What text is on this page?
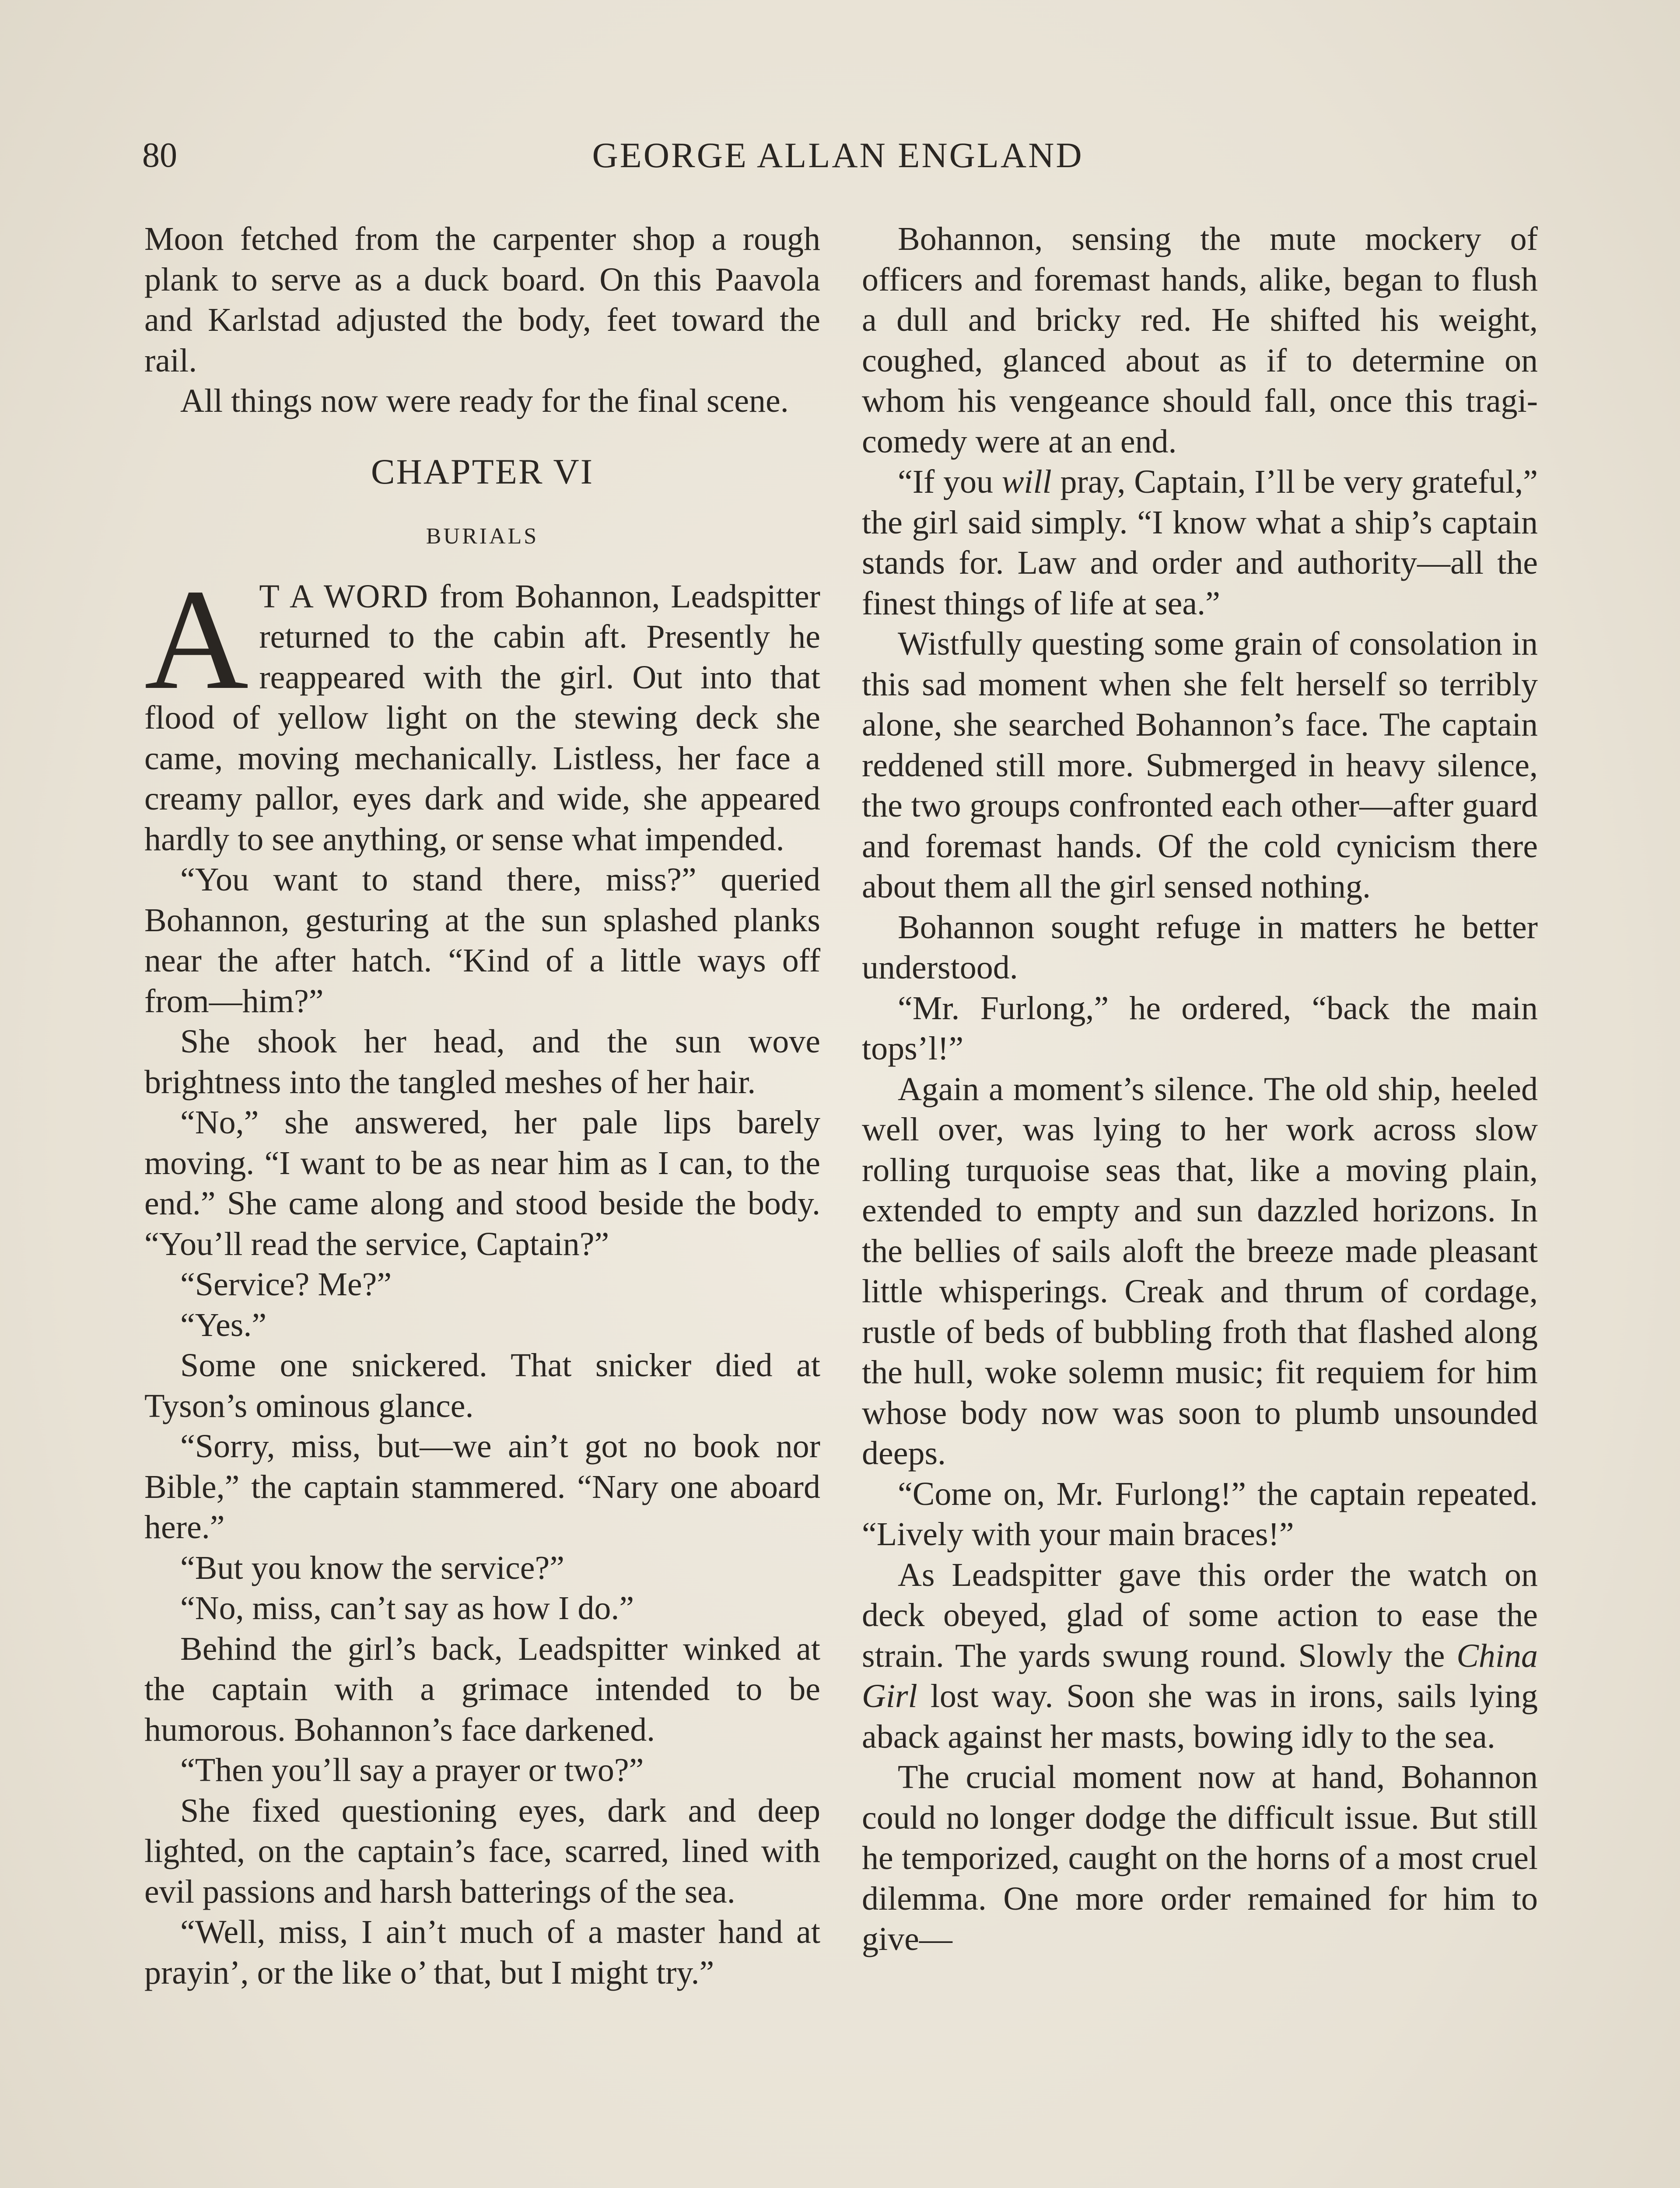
80	GEORGE ALLAN ENGLAND

Moon fetched from the carpenter shop a rough plank to serve as a duck board. On this Paavola and Karlstad adjusted the body, feet toward the rail.

All things now were ready for the final scene.

CHAPTER VI
BURIALS

A T A WORD from Bohannon, Leadspitter returned to the cabin aft. Presently he reappeared with the girl. Out into that flood of yellow light on the stewing deck she came, moving mechanically. Listless, her face a creamy pallor, eyes dark and wide, she appeared hardly to see anything, or sense what impended.

“You want to stand there, miss?” queried Bohannon, gesturing at the sun splashed planks near the after hatch. “Kind of a little ways off from—him?”

She shook her head, and the sun wove brightness into the tangled meshes of her hair.

“No,” she answered, her pale lips barely moving. “I want to be as near him as I can, to the end.” She came along and stood beside the body. “You’ll read the service, Captain?”

“Service? Me?”

“Yes.”

Some one snickered. That snicker died at Tyson’s ominous glance.

“Sorry, miss, but—we ain’t got no book nor Bible,” the captain stammered. “Nary one aboard here.”

“But you know the service?”

“No, miss, can’t say as how I do.”

Behind the girl’s back, Leadspitter winked at the captain with a grimace intended to be humorous. Bohannon’s face darkened.

“Then you’ll say a prayer or two?”

She fixed questioning eyes, dark and deep lighted, on the captain’s face, scarred, lined with evil passions and harsh batterings of the sea.

“Well, miss, I ain’t much of a master hand at prayin’, or the like o’ that, but I might try.”

Bohannon, sensing the mute mockery of officers and foremast hands, alike, began to flush a dull and bricky red. He shifted his weight, coughed, glanced about as if to determine on whom his vengeance should fall, once this tragi-comedy were at an end.

“If you will pray, Captain, I’ll be very grateful,” the girl said simply. “I know what a ship’s captain stands for. Law and order and authority—all the finest things of life at sea.”

Wistfully questing some grain of consolation in this sad moment when she felt herself so terribly alone, she searched Bohannon’s face. The captain reddened still more. Submerged in heavy silence, the two groups confronted each other—after guard and foremast hands. Of the cold cynicism there about them all the girl sensed nothing.

Bohannon sought refuge in matters he better understood.

“Mr. Furlong,” he ordered, “back the main tops’l!”

Again a moment’s silence. The old ship, heeled well over, was lying to her work across slow rolling turquoise seas that, like a moving plain, extended to empty and sun dazzled horizons. In the bellies of sails aloft the breeze made pleasant little whisperings. Creak and thrum of cordage, rustle of beds of bubbling froth that flashed along the hull, woke solemn music; fit requiem for him whose body now was soon to plumb unsounded deeps.

“Come on, Mr. Furlong!” the captain repeated. “Lively with your main braces!”

As Leadspitter gave this order the watch on deck obeyed, glad of some action to ease the strain. The yards swung round. Slowly the China Girl lost way. Soon she was in irons, sails lying aback against her masts, bowing idly to the sea.

The crucial moment now at hand, Bohannon could no longer dodge the difficult issue. But still he temporized, caught on the horns of a most cruel dilemma. One more order remained for him to give—
